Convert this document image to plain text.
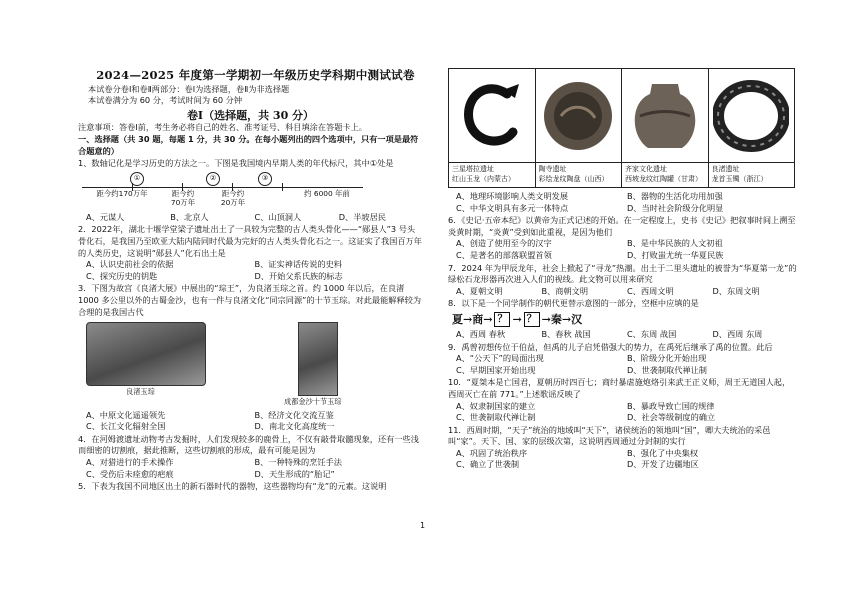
2024—2025 年度第一学期初一年级历史学科期中测试试卷
本试卷分卷Ⅰ和卷Ⅱ两部分：卷Ⅰ为选择题，卷Ⅱ为非选择题
本试卷满分为 60 分，考试时间为 60 分钟
卷Ⅰ（选择题，共 30 分）
注意事项：答卷Ⅰ前，考生务必将自己的姓名、准考证号、科目填涂在答题卡上。
一、选择题（共 30 题，每题 1 分，共 30 分。在每小题列出的四个选项中，只有一项是最符合题意的）
1、数轴记化是学习历史的方法之一。下图是我国境内早期人类的年代标尺，其中①处是
①	②	③
距今约170万年	距今约
70万年
距今约
20万年
约 6000 年前
A、元谋人	B、北京人	C、山顶洞人	D、半坡居民
2．2022年，湖北十堰学堂梁子遗址出土了一具较为完整的古人类头骨化——“郧县人”3 号头骨化石，是我国乃至欧亚大陆内陆同时代最为完好的古人类头骨化石之一。这证实了我国百万年的人类历史，这说明“郧县人”化石出土是
A、认识史前社会的依据	B、证实神话传说的史料
C、探究历史的钥匙	D、开始父系氏族的标志
3．下图为故宫《良渚大展》中展出的“琮王”，为良渚玉琮之首。约 1000 年以后，在良渚 1000 多公里以外的古蜀金沙，也有一件与良渚文化“同宗同源”的十节玉琮。对此最能解释较为合理的是我国古代
良渚玉琮
成都金沙十节玉琮
A、中原文化遥遥领先	B、经济文化交流互鉴
C、长江文化辐射全国	D、南北文化高度统一
4．在河姆渡遗址动物考古发掘时，人们发现较多的鹿骨上，不仅有敲骨取髓现象，还有一些浅而细密的切割痕，据此推断，这些切割痕的形成，最有可能是因为
A、对猎进行的手术操作	B、一种特殊的烹饪手法
C、受伤后未痊愈的疤痕	D、天生形成的“胎记”
5．下表为我国不同地区出土的新石器时代的器物，这些器物均有“龙”的元素。这说明
三星塔拉遗址
红山玉龙（内蒙古）
陶寺遗址
彩绘龙纹陶盘（山西）
齐家文化遗址
西坡龙纹红陶罐（甘肃）
良渚遗址
龙首玉镯（浙江）
A、地理环境影响人类文明发展	B、器物的生活化功用加强
C、中华文明具有多元一体特点	D、当时社会阶级分化明显
6．《史记·五帝本纪》以黄帝为正式记述的开始。在一定程度上，史书《史记》把叙事时间上溯至炎黄时期，“炎黄”受到如此重视，是因为他们
A、创造了使用至今的汉字	B、是中华民族的人文初祖
C、是著名的部落联盟首领	D、打败蚩尤统一华夏民族
7．2024 年为甲辰龙年，社会上掀起了“寻龙”热潮。出土于二里头遗址的被誉为“华夏第一龙”的绿松石龙形器再次进入人们的视线。此文物可以用来研究
A、夏朝文明	B、商朝文明	C、西周文明	D、东周文明
8．以下是一个同学制作的朝代更替示意图的一部分，空框中应填的是
夏→商→ ？ → ？ →秦→汉
A、西周 春秋	B、春秋 战国	C、东周 战国	D、西周 东周
9．禹曾初想传位于伯益，但禹的儿子启凭借强大的势力，在禹死后继承了禹的位置。此后
A、“公天下”的局面出现	B、阶级分化开始出现
C、早期国家开始出现	D、世袭制取代禅让制
10．“夏桀本是亡国君，夏朝历时四百七；商纣暴虐施炮烙引来武王正义师，周王无道国人起，西周灭亡在前 771。”上述歌谣反映了
A、奴隶制国家的建立	B、暴政导致亡国的规律
C、世袭制取代禅让制	D、社会等级制度的确立
11．西周时期，“天子”统治的地域叫“天下”，诸侯统治的领地叫“国”，卿大夫统治的采邑叫“家”。天下、国、家的层级次第，这说明西周通过分封制的实行
A、巩固了统治秩序	B、强化了中央集权
C、确立了世袭制	D、开发了边疆地区
1
